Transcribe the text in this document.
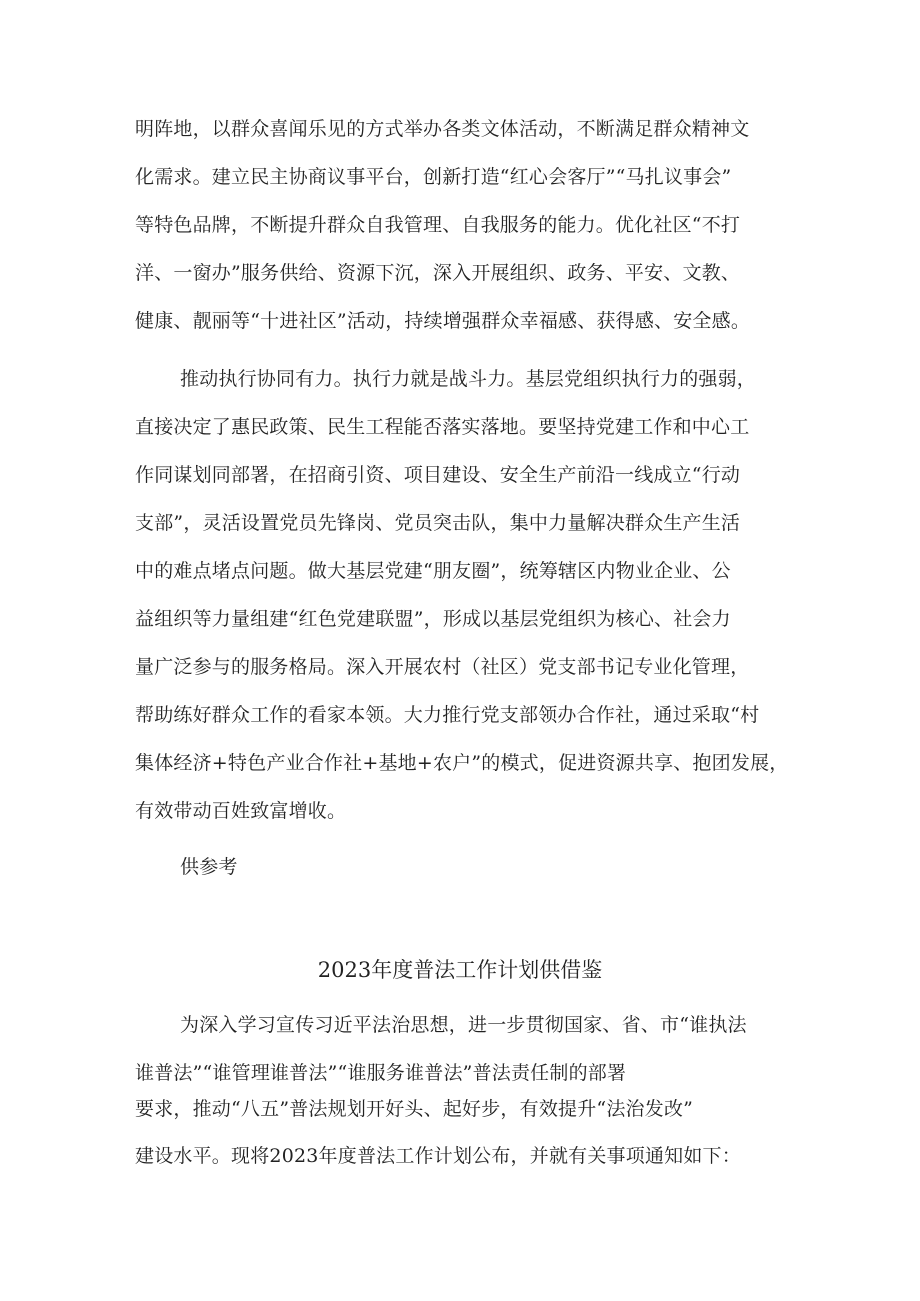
明阵地，以群众喜闻乐见的方式举办各类文体活动，不断满足群众精神文
化需求。建立民主协商议事平台，创新打造“红心会客厅”“马扎议事会”
等特色品牌，不断提升群众自我管理、自我服务的能力。优化社区“不打
洋、一窗办”服务供给、资源下沉，深入开展组织、政务、平安、文教、
健康、靓丽等“十进社区”活动，持续增强群众幸福感、获得感、安全感。
推动执行协同有力。执行力就是战斗力。基层党组织执行力的强弱，
直接决定了惠民政策、民生工程能否落实落地。要坚持党建工作和中心工
作同谋划同部署，在招商引资、项目建设、安全生产前沿一线成立“行动
支部”，灵活设置党员先锋岗、党员突击队，集中力量解决群众生产生活
中的难点堵点问题。做大基层党建“朋友圈”，统筹辖区内物业企业、公
益组织等力量组建“红色党建联盟”，形成以基层党组织为核心、社会力
量广泛参与的服务格局。深入开展农村（社区）党支部书记专业化管理，
帮助练好群众工作的看家本领。大力推行党支部领办合作社，通过采取“村
集体经济+特色产业合作社+基地+农户”的模式，促进资源共享、抱团发展，
有效带动百姓致富增收。
供参考
2023年度普法工作计划供借鉴
为深入学习宣传习近平法治思想，进一步贯彻国家、省、市“谁执法
谁普法”“谁管理谁普法”“谁服务谁普法”普法责任制的部署
要求，推动“八五”普法规划开好头、起好步，有效提升“法治发改”
建设水平。现将2023年度普法工作计划公布，并就有关事项通知如下：
